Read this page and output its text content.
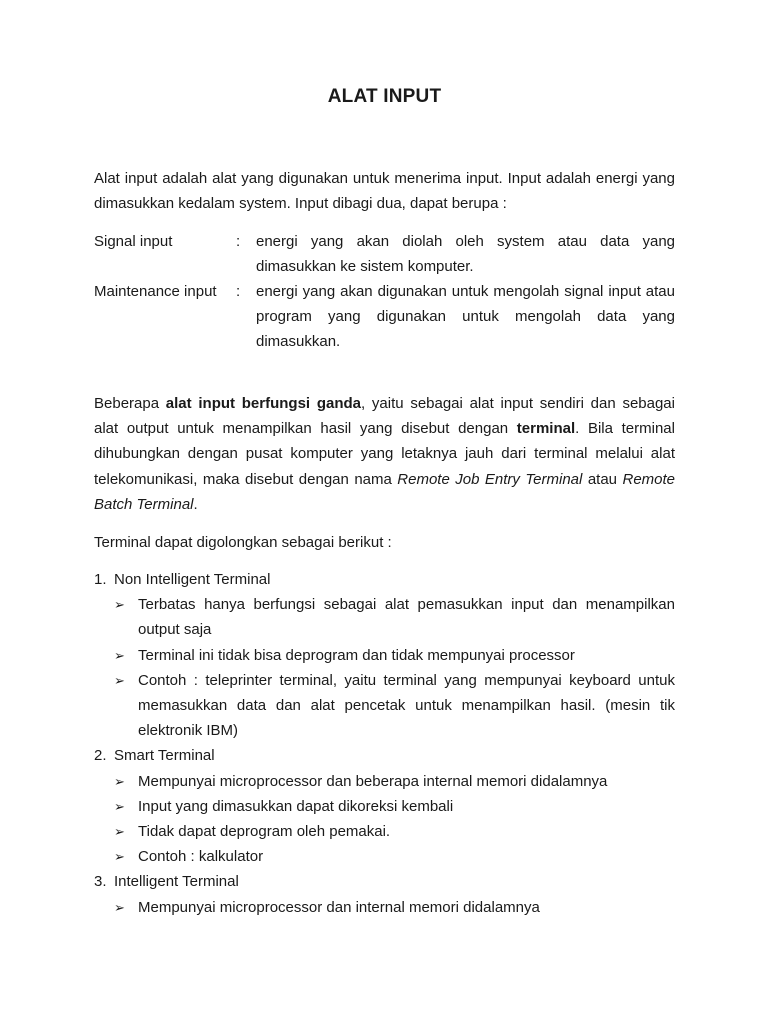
ALAT INPUT
Alat input adalah alat yang digunakan untuk menerima input. Input adalah energi yang dimasukkan kedalam system. Input dibagi dua, dapat berupa :
Signal input	:	energi yang akan diolah oleh system atau data yang dimasukkan ke sistem komputer.
Maintenance input	:	energi yang akan digunakan untuk mengolah signal input atau program yang digunakan untuk mengolah data yang dimasukkan.
Beberapa alat input berfungsi ganda, yaitu sebagai alat input sendiri dan sebagai alat output untuk menampilkan hasil yang disebut dengan terminal. Bila terminal dihubungkan dengan pusat komputer yang letaknya jauh dari terminal melalui alat telekomunikasi, maka disebut dengan nama Remote Job Entry Terminal atau Remote Batch Terminal.
Terminal dapat digolongkan sebagai berikut :
1. Non Intelligent Terminal
➢ Terbatas hanya berfungsi sebagai alat pemasukkan input dan menampilkan output saja
➢ Terminal ini tidak bisa deprogram dan tidak mempunyai processor
➢ Contoh : teleprinter terminal, yaitu terminal yang mempunyai keyboard untuk memasukkan data dan alat pencetak untuk menampilkan hasil. (mesin tik elektronik IBM)
2. Smart Terminal
➢ Mempunyai microprocessor dan beberapa internal memori didalamnya
➢ Input yang dimasukkan dapat dikoreksi kembali
➢ Tidak dapat deprogram oleh pemakai.
➢ Contoh : kalkulator
3. Intelligent Terminal
➢ Mempunyai microprocessor dan internal memori didalamnya
